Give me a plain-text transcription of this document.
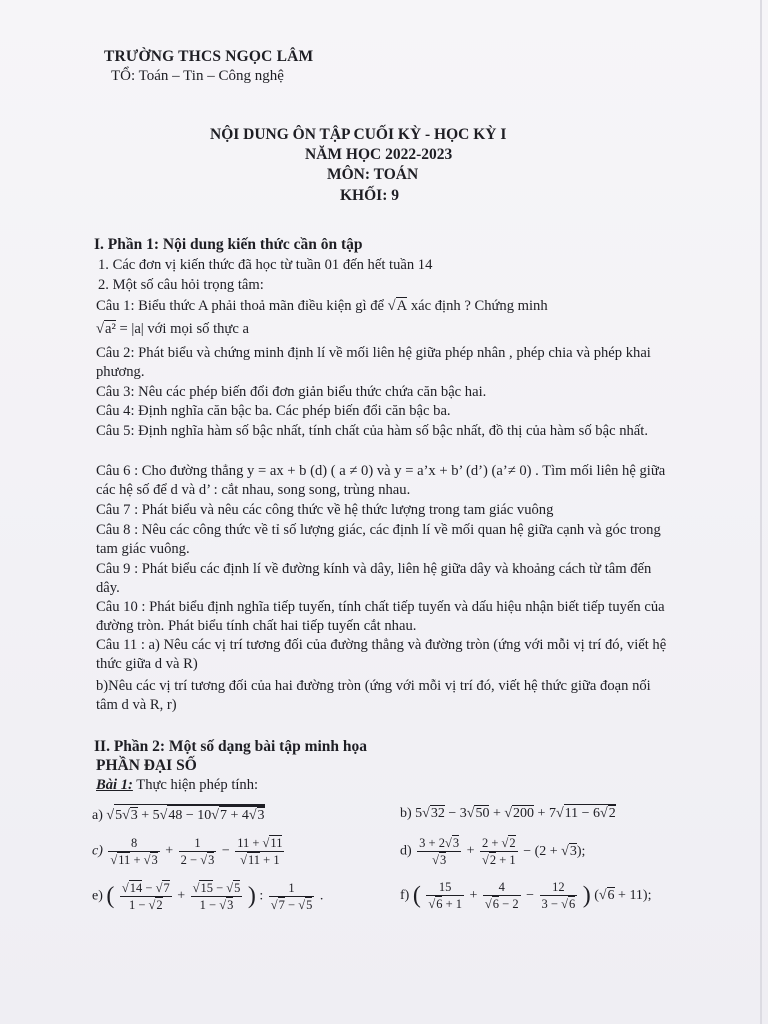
TRƯỜNG THCS NGỌC LÂM
TỔ: Toán – Tin – Công nghệ
NỘI DUNG ÔN TẬP CUỐI KỲ - HỌC KỲ I
NĂM HỌC 2022-2023
MÔN: TOÁN
KHỐI: 9
I. Phần 1: Nội dung kiến thức cần ôn tập
1. Các đơn vị kiến thức đã học từ tuần 01 đến hết tuần 14
2. Một số câu hỏi trọng tâm:
Câu 1: Biểu thức A phải thoả mãn điều kiện gì để √A xác định ? Chứng minh
√a² = |a| với mọi số thực a
Câu 2: Phát biểu và chứng minh định lí về mối liên hệ giữa phép nhân , phép chia và phép khai phương.
Câu 3: Nêu các phép biến đổi đơn giản biểu thức chứa căn bậc hai.
Câu 4: Định nghĩa căn bậc ba. Các phép biến đổi căn bậc ba.
Câu 5: Định nghĩa hàm số bậc nhất, tính chất của hàm số bậc nhất, đồ thị của hàm số bậc nhất.
Câu 6 : Cho đường thẳng y = ax + b (d) ( a ≠ 0) và y = a’x + b’ (d’) (a’≠ 0) . Tìm mối liên hệ giữa các hệ số để d và d’ : cắt nhau, song song, trùng nhau.
Câu 7 : Phát biểu và nêu các công thức về hệ thức lượng trong tam giác vuông
Câu 8 : Nêu các công thức về tỉ số lượng giác, các định lí về mối quan hệ giữa cạnh và góc trong tam giác vuông.
Câu 9 : Phát biểu các định lí về đường kính và dây, liên hệ giữa dây và khoảng cách từ tâm đến dây.
Câu 10 : Phát biểu định nghĩa tiếp tuyến, tính chất tiếp tuyến và dấu hiệu nhận biết tiếp tuyến của đường tròn. Phát biểu tính chất hai tiếp tuyến cắt nhau.
Câu 11 : a) Nêu các vị trí tương đối của đường thẳng và đường tròn (ứng với mỗi vị trí đó, viết hệ thức giữa d và R)
b)Nêu các vị trí tương đối của hai đường tròn (ứng với mỗi vị trí đó, viết hệ thức giữa đoạn nối tâm d và R, r)
II. Phần 2: Một số dạng bài tập minh họa
PHẦN ĐẠI SỐ
Bài 1: Thực hiện phép tính:
a) √5√3 + 5√48 − 10√7 + 4√3	b) 5√32 − 3√50 + √200 + 7√11 − 6√2
$c) \frac{8}{√11 + √3} + \frac{1}{2 - √3} - \frac{11 + √11}{√11 + 1}$	$d) \frac{3 + 2√3}{√3} + \frac{2 + √2}{√2 + 1} - (2 + √3)$;
e) ( $\frac{√14 - √7}{1 - √2} + \frac{√15 - √5}{1 - √3}$ ) : $\frac{1}{√7 - √5}$ .	f) ( $\frac{15}{√6 + 1} + \frac{4}{√6 - 2} - \frac{12}{3 - √6}$ ) (√6 + 11);
